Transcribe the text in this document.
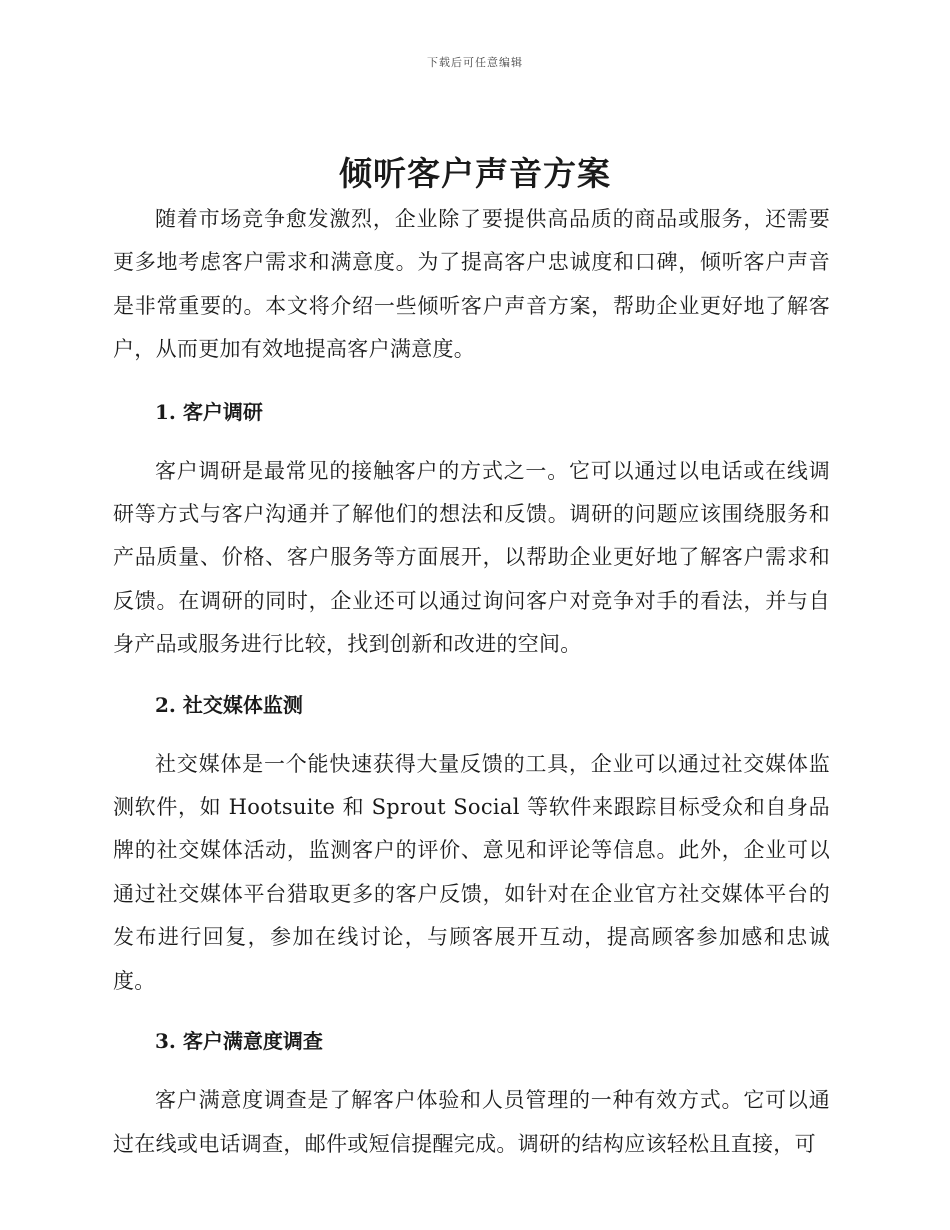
下载后可任意编辑
倾听客户声音方案

随着市场竞争愈发激烈，企业除了要提供高品质的商品或服务，还需要更多地考虑客户需求和满意度。为了提高客户忠诚度和口碑，倾听客户声音是非常重要的。本文将介绍一些倾听客户声音方案，帮助企业更好地了解客户，从而更加有效地提高客户满意度。

1. 客户调研

客户调研是最常见的接触客户的方式之一。它可以通过以电话或在线调研等方式与客户沟通并了解他们的想法和反馈。调研的问题应该围绕服务和产品质量、价格、客户服务等方面展开，以帮助企业更好地了解客户需求和反馈。在调研的同时，企业还可以通过询问客户对竞争对手的看法，并与自身产品或服务进行比较，找到创新和改进的空间。

2. 社交媒体监测

社交媒体是一个能快速获得大量反馈的工具，企业可以通过社交媒体监测软件，如 Hootsuite 和 Sprout Social 等软件来跟踪目标受众和自身品牌的社交媒体活动，监测客户的评价、意见和评论等信息。此外，企业可以通过社交媒体平台猎取更多的客户反馈，如针对在企业官方社交媒体平台的发布进行回复，参加在线讨论，与顾客展开互动，提高顾客参加感和忠诚度。

3. 客户满意度调查

客户满意度调查是了解客户体验和人员管理的一种有效方式。它可以通过在线或电话调查，邮件或短信提醒完成。调研的结构应该轻松且直接，可
